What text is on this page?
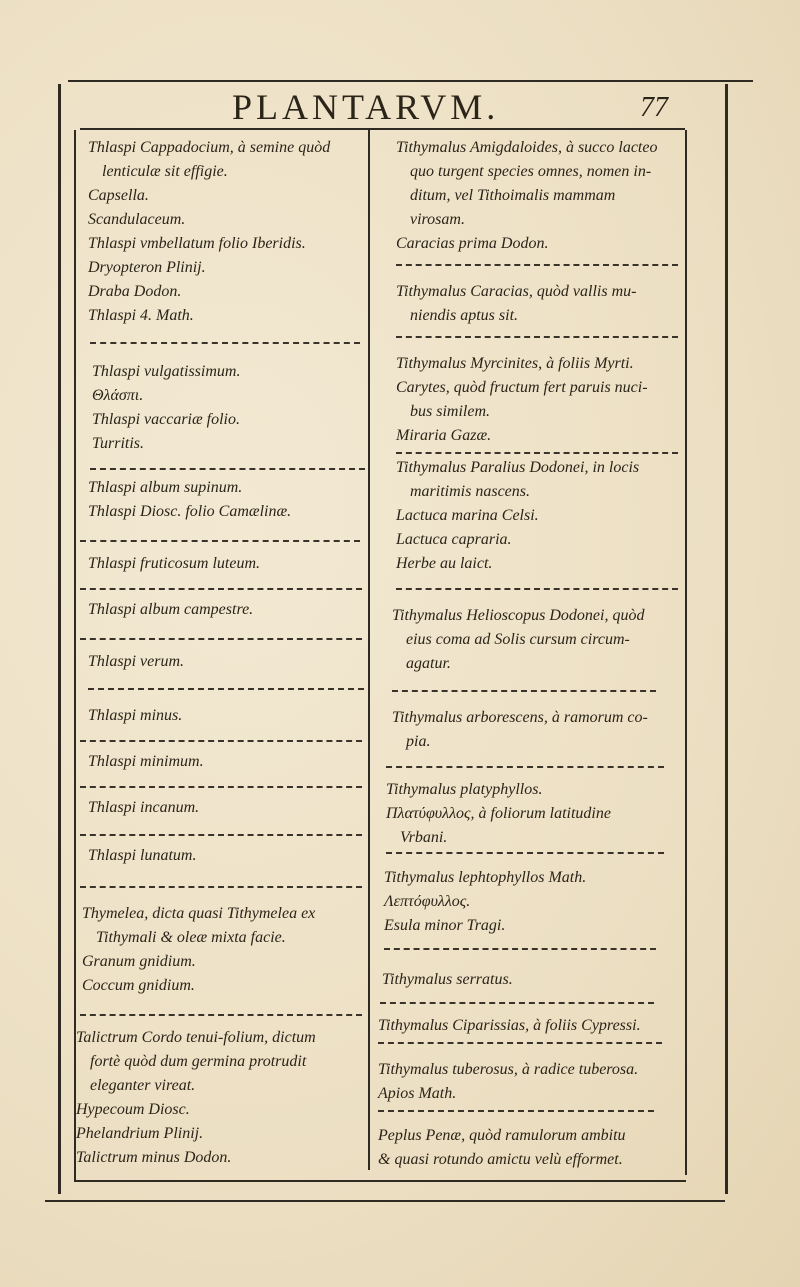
PLANTARVM.	77
Thlaspi Cappadocium, à semine quòd
lenticulæ sit effigie.
Capsella.
Scandulaceum.
Thlaspi vmbellatum folio Iberidis.
Dryopteron Plinij.
Draba Dodon.
Thlaspi 4. Math.
Thlaspi vulgatissimum.
Θλάσπι.
Thlaspi vaccariæ folio.
Turritis.
Thlaspi album supinum.
Thlaspi Diosc. folio Camælinæ.
Thlaspi fruticosum luteum.
Thlaspi album campestre.
Thlaspi verum.
Thlaspi minus.
Thlaspi minimum.
Thlaspi incanum.
Thlaspi lunatum.
Thymelea, dicta quasi Tithymelea ex
Tithymali & oleæ mixta facie.
Granum gnidium.
Coccum gnidium.
Talictrum Cordo tenui-folium, dictum
fortè quòd dum germina protrudit
eleganter vireat.
Hypecoum Diosc.
Phelandrium Plinij.
Talictrum minus Dodon.
Tithymalus Amigdaloides, à succo lacteo
quo turgent species omnes, nomen in-
ditum, vel Tithoimalis mammam
virosam.
Caracias prima Dodon.
Tithymalus Caracias, quòd vallis mu-
niendis aptus sit.
Tithymalus Myrcinites, à foliis Myrti.
Carytes, quòd fructum fert paruis nuci-
bus similem.
Miraria Gazæ.
Tithymalus Paralius Dodonei, in locis
maritimis nascens.
Lactuca marina Celsi.
Lactuca capraria.
Herbe au laict.
Tithymalus Helioscopus Dodonei, quòd
eius coma ad Solis cursum circum-
agatur.
Tithymalus arborescens, à ramorum co-
pia.
Tithymalus platyphyllos.
Πλατύφυλλος, à foliorum latitudine
Vrbani.
Tithymalus lephtophyllos Math.
Λεπτόφυλλος.
Esula minor Tragi.
Tithymalus serratus.
Tithymalus Ciparissias, à foliis Cypressi.
Tithymalus tuberosus, à radice tuberosa.
Apios Math.
Peplus Penæ, quòd ramulorum ambitu
& quasi rotundo amictu velù efformet.
